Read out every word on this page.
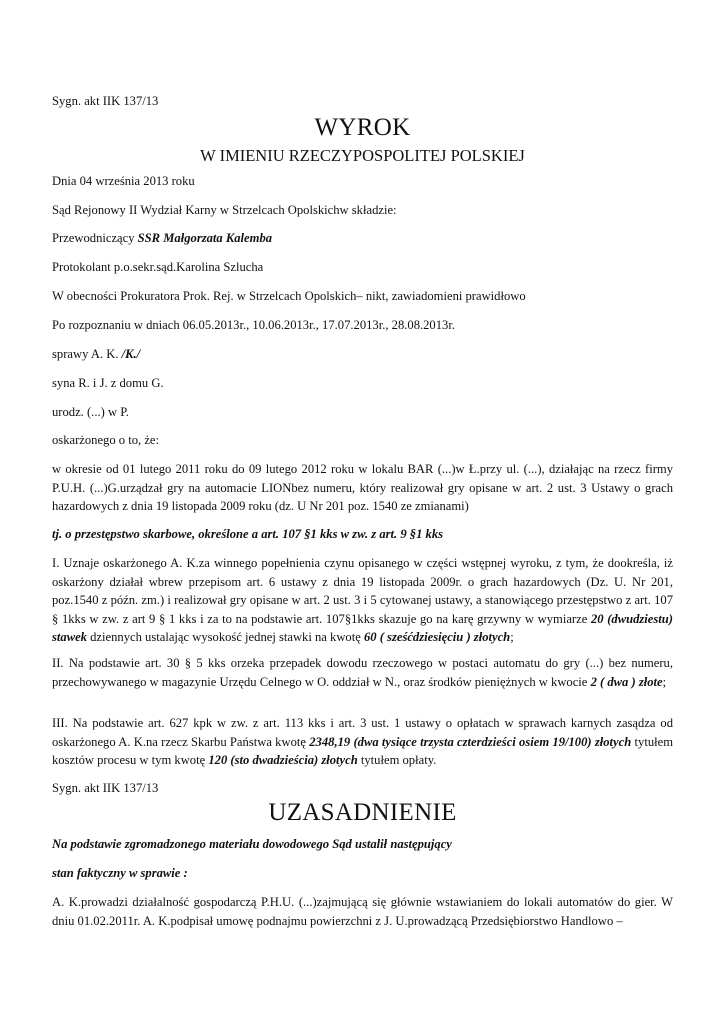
Sygn. akt IIK 137/13

WYROK
W IMIENIU RZECZYPOSPOLITEJ POLSKIEJ

Dnia 04 września 2013 roku

Sąd Rejonowy II Wydział Karny w Strzelcach Opolskichw składzie:

Przewodniczący SSR Małgorzata Kalemba

Protokolant p.o.sekr.sąd.Karolina Szlucha

W obecności Prokuratora Prok. Rej. w Strzelcach Opolskich– nikt, zawiadomieni prawidłowo

Po rozpoznaniu w dniach 06.05.2013r., 10.06.2013r., 17.07.2013r., 28.08.2013r.

sprawy A. K. /K./

syna R. i J. z domu G.

urodz. (...) w P.

oskarżonego o to, że:

w okresie od 01 lutego 2011 roku do 09 lutego 2012 roku w lokalu BAR (...)w Ł.przy ul. (...), działając na rzecz firmy P.U.H. (...)G.urządzał gry na automacie LIONbez numeru, który realizował gry opisane w art. 2 ust. 3 Ustawy o grach hazardowych z dnia 19 listopada 2009 roku (dz. U Nr 201 poz. 1540 ze zmianami)

tj. o przestępstwo skarbowe, określone a art. 107 §1 kks w zw. z art. 9 §1 kks

I. Uznaje oskarżonego A. K.za winnego popełnienia czynu opisanego w części wstępnej wyroku, z tym, że dookreśla, iż oskarżony działał wbrew przepisom art. 6 ustawy z dnia 19 listopada 2009r. o grach hazardowych (Dz. U. Nr 201, poz.1540 z późn. zm.) i realizował gry opisane w art. 2 ust. 3 i 5 cytowanej ustawy, a stanowiącego przestępstwo z art. 107 § 1kks w zw. z art 9 § 1 kks i za to na podstawie art. 107§1kks skazuje go na karę grzywny w wymiarze 20 (dwudziestu) stawek dziennych ustalając wysokość jednej stawki na kwotę 60 ( sześćdziesięciu ) złotych;

II. Na podstawie art. 30 § 5 kks orzeka przepadek dowodu rzeczowego w postaci automatu do gry (...) bez numeru, przechowywanego w magazynie Urzędu Celnego w O. oddział w N., oraz środków pieniężnych w kwocie 2 ( dwa ) złote;

III. Na podstawie art. 627 kpk w zw. z art. 113 kks i art. 3 ust. 1 ustawy o opłatach w sprawach karnych zasądza od oskarżonego A. K.na rzecz Skarbu Państwa kwotę 2348,19 (dwa tysiące trzysta czterdzieści osiem 19/100) złotych tytułem kosztów procesu w tym kwotę 120 (sto dwadzieścia) złotych tytułem opłaty.

Sygn. akt IIK 137/13

UZASADNIENIE

Na podstawie zgromadzonego materiału dowodowego Sąd ustalił następujący

stan faktyczny w sprawie :

A. K.prowadzi działalność gospodarczą P.H.U. (...)zajmującą się głównie wstawianiem do lokali automatów do gier. W dniu 01.02.2011r. A. K.podpisał umowę podnajmu powierzchni z J. U.prowadzącą Przedsiębiorstwo Handlowo –
